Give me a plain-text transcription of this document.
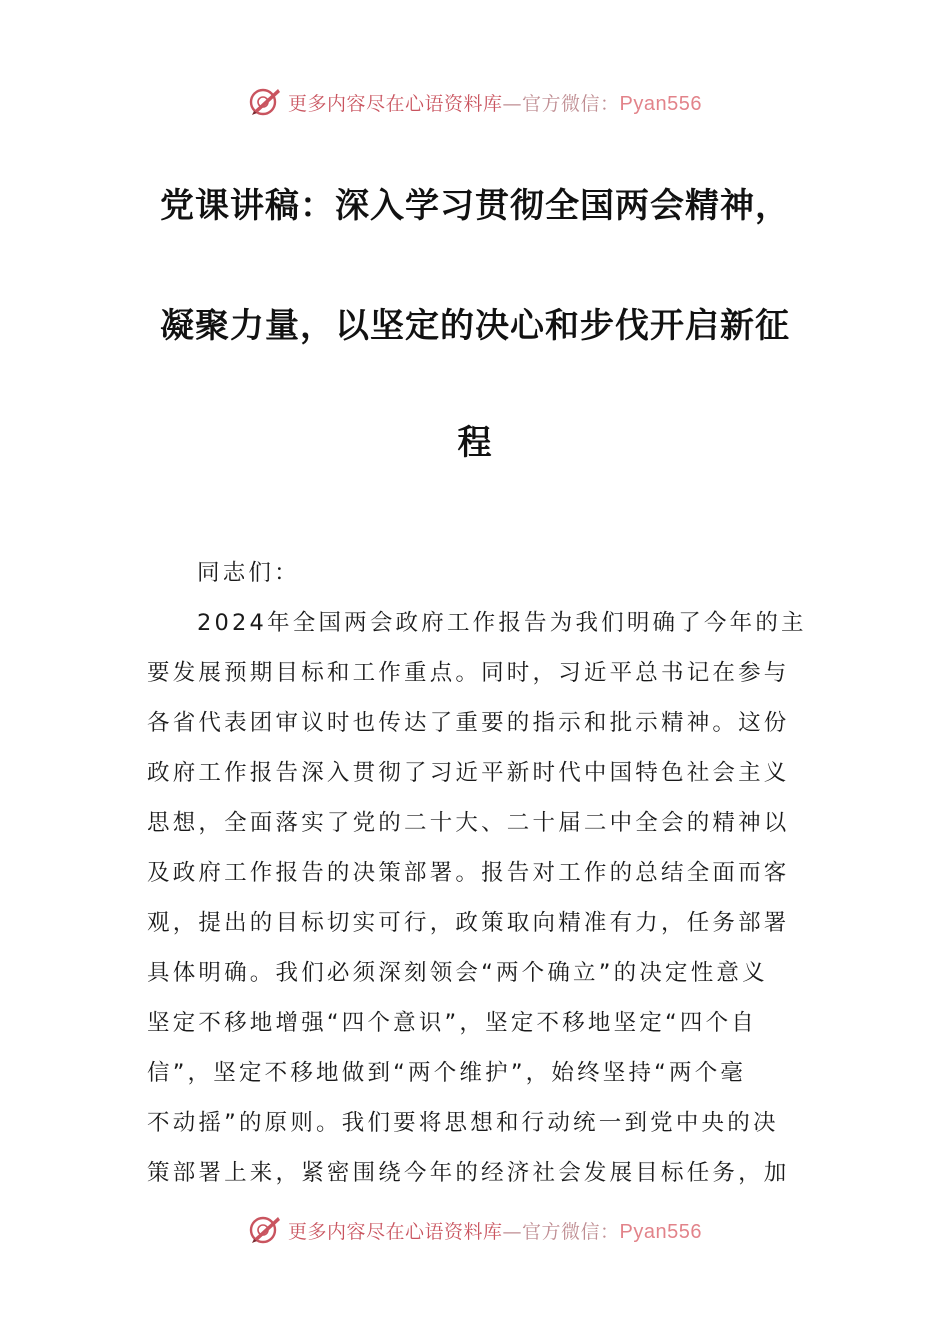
更多内容尽在心语资料库—官方微信：Pyan556
党课讲稿：深入学习贯彻全国两会精神，
凝聚力量，以坚定的决心和步伐开启新征
程
同志们：
2024年全国两会政府工作报告为我们明确了今年的主
要发展预期目标和工作重点。同时，习近平总书记在参与
各省代表团审议时也传达了重要的指示和批示精神。这份
政府工作报告深入贯彻了习近平新时代中国特色社会主义
思想，全面落实了党的二十大、二十届二中全会的精神以
及政府工作报告的决策部署。报告对工作的总结全面而客
观，提出的目标切实可行，政策取向精准有力，任务部署
具体明确。我们必须深刻领会“两个确立”的决定性意义
坚定不移地增强“四个意识”，坚定不移地坚定“四个自
信”，坚定不移地做到“两个维护”，始终坚持“两个毫
不动摇”的原则。我们要将思想和行动统一到党中央的决
策部署上来，紧密围绕今年的经济社会发展目标任务，加
更多内容尽在心语资料库—官方微信：Pyan556
